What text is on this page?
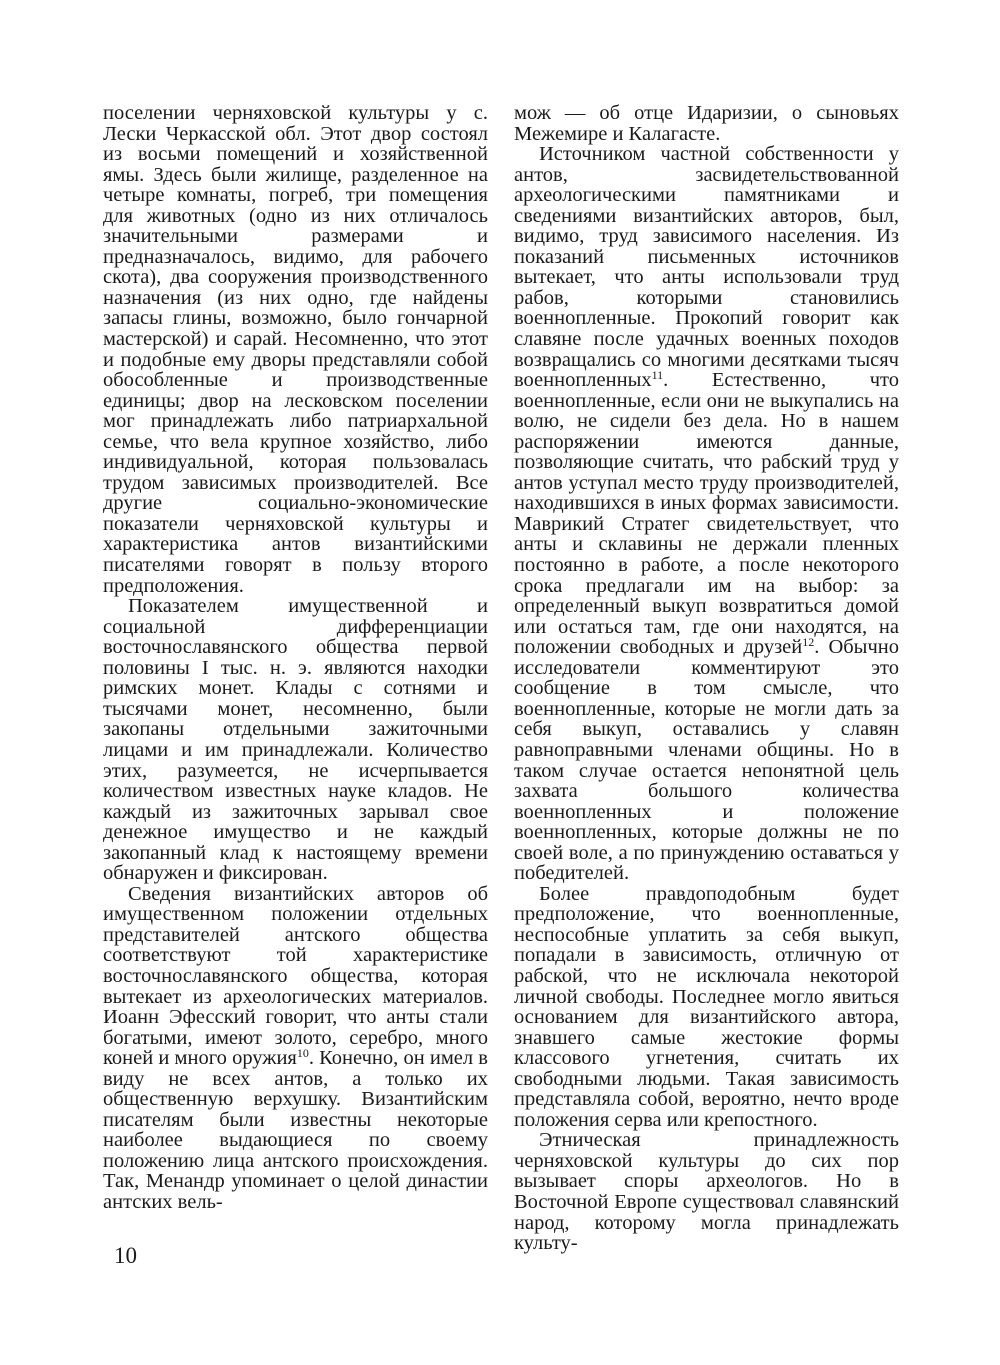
поселении черняховской культуры у с. Лески Черкасской обл. Этот двор состоял из восьми помещений и хозяйственной ямы. Здесь были жилище, разделенное на четыре комнаты, погреб, три помещения для животных (одно из них отличалось значительными размерами и предназначалось, видимо, для рабочего скота), два сооружения производственного назначения (из них одно, где найдены запасы глины, возможно, было гончарной мастерской) и сарай. Несомненно, что этот и подобные ему дворы представляли собой обособленные и производственные единицы; двор на лесковском поселении мог принадлежать либо патриархальной семье, что вела крупное хозяйство, либо индивидуальной, которая пользовалась трудом зависимых производителей. Все другие социально-экономические показатели черняховской культуры и характеристика антов византийскими писателями говорят в пользу второго предположения.

Показателем имущественной и социальной дифференциации восточнославянского общества первой половины I тыс. н. э. являются находки римских монет. Клады с сотнями и тысячами монет, несомненно, были закопаны отдельными зажиточными лицами и им принадлежали. Количество этих, разумеется, не исчерпывается количеством известных науке кладов. Не каждый из зажиточных зарывал свое денежное имущество и не каждый закопанный клад к настоящему времени обнаружен и фиксирован.

Сведения византийских авторов об имущественном положении отдельных представителей антского общества соответствуют той характеристике восточнославянского общества, которая вытекает из археологических материалов. Иоанн Эфесский говорит, что анты стали богатыми, имеют золото, серебро, много коней и много оружия$^{10}$. Конечно, он имел в виду не всех антов, а только их общественную верхушку. Византийским писателям были известны некоторые наиболее выдающиеся по своему положению лица антского происхождения. Так, Менандр упоминает о целой династии антских вель-

мож — об отце Идаризии, о сыновьях Межемире и Калагасте.

Источником частной собственности у антов, засвидетельствованной археологическими памятниками и сведениями византийских авторов, был, видимо, труд зависимого населения. Из показаний письменных источников вытекает, что анты использовали труд рабов, которыми становились военнопленные. Прокопий говорит как славяне после удачных военных походов возвращались со многими десятками тысяч военнопленных$^{11}$. Естественно, что военнопленные, если они не выкупались на волю, не сидели без дела. Но в нашем распоряжении имеются данные, позволяющие считать, что рабский труд у антов уступал место труду производителей, находившихся в иных формах зависимости. Маврикий Стратег свидетельствует, что анты и склавины не держали пленных постоянно в работе, а после некоторого срока предлагали им на выбор: за определенный выкуп возвратиться домой или остаться там, где они находятся, на положении свободных и друзей$^{12}$. Обычно исследователи комментируют это сообщение в том смысле, что военнопленные, которые не могли дать за себя выкуп, оставались у славян равноправными членами общины. Но в таком случае остается непонятной цель захвата большого количества военнопленных и положение военнопленных, которые должны не по своей воле, а по принуждению оставаться у победителей.

Более правдоподобным будет предположение, что военнопленные, неспособные уплатить за себя выкуп, попадали в зависимость, отличную от рабской, что не исключала некоторой личной свободы. Последнее могло явиться основанием для византийского автора, знавшего самые жестокие формы классового угнетения, считать их свободными людьми. Такая зависимость представляла собой, вероятно, нечто вроде положения серва или крепостного.

Этническая принадлежность черняховской культуры до сих пор вызывает споры археологов. Но в Восточной Европе существовал славянский народ, которому могла принадлежать культу-

10
